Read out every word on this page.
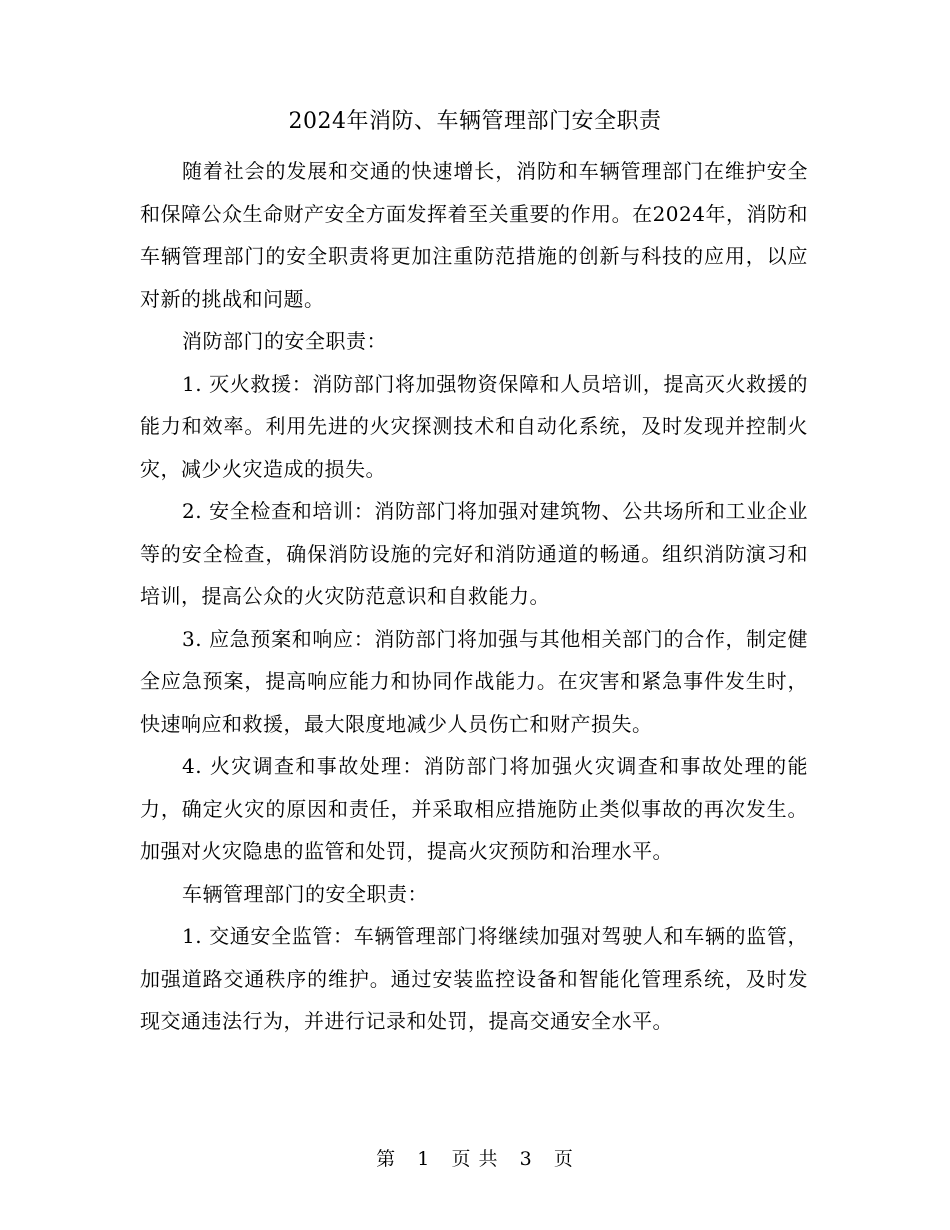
2024年消防、车辆管理部门安全职责

随着社会的发展和交通的快速增长，消防和车辆管理部门在维护安全和保障公众生命财产安全方面发挥着至关重要的作用。在2024年，消防和车辆管理部门的安全职责将更加注重防范措施的创新与科技的应用，以应对新的挑战和问题。

消防部门的安全职责：

1. 灭火救援：消防部门将加强物资保障和人员培训，提高灭火救援的能力和效率。利用先进的火灾探测技术和自动化系统，及时发现并控制火灾，减少火灾造成的损失。

2. 安全检查和培训：消防部门将加强对建筑物、公共场所和工业企业等的安全检查，确保消防设施的完好和消防通道的畅通。组织消防演习和培训，提高公众的火灾防范意识和自救能力。

3. 应急预案和响应：消防部门将加强与其他相关部门的合作，制定健全应急预案，提高响应能力和协同作战能力。在灾害和紧急事件发生时，快速响应和救援，最大限度地减少人员伤亡和财产损失。

4. 火灾调查和事故处理：消防部门将加强火灾调查和事故处理的能力，确定火灾的原因和责任，并采取相应措施防止类似事故的再次发生。加强对火灾隐患的监管和处罚，提高火灾预防和治理水平。

车辆管理部门的安全职责：

1. 交通安全监管：车辆管理部门将继续加强对驾驶人和车辆的监管，加强道路交通秩序的维护。通过安装监控设备和智能化管理系统，及时发现交通违法行为，并进行记录和处罚，提高交通安全水平。

第 1 页 共 3 页
